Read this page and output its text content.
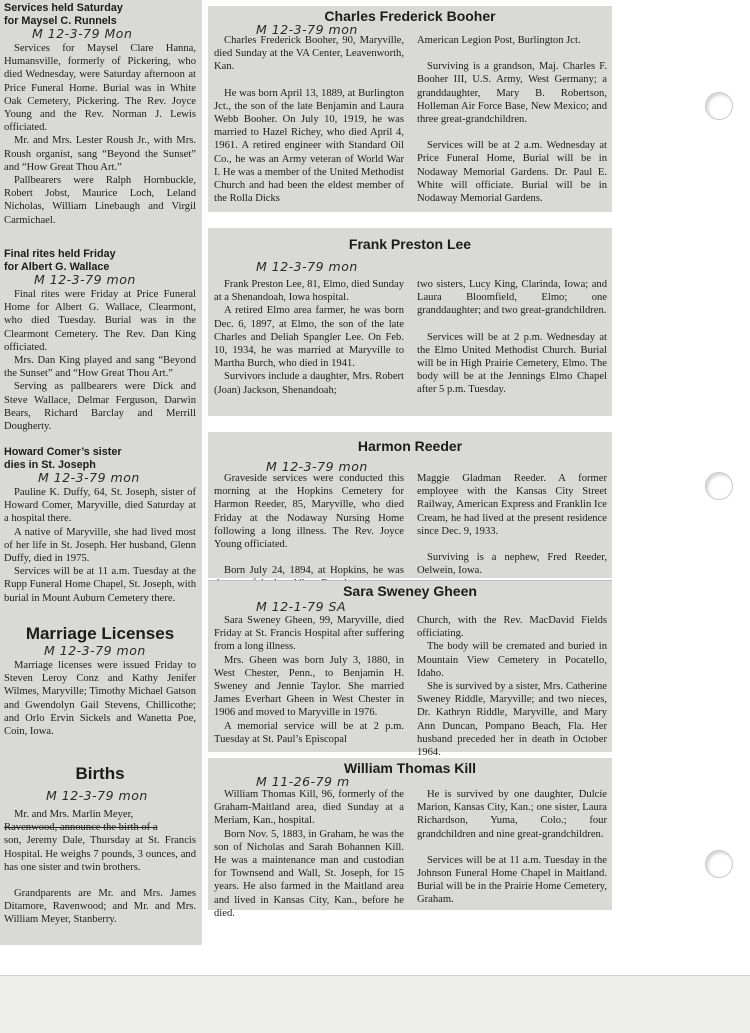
Services held Saturday

for Maysel C. Runnels

M 12-3-79 Mon

Services for Maysel Clare Hanna, Humansville, formerly of Pickering, who died Wednesday, were Saturday afternoon at Price Funeral Home. Burial was in White Oak Cemetery, Pickering. The Rev. Joyce Young and the Rev. Norman J. Lewis officiated.

Mr. and Mrs. Lester Roush Jr., with Mrs. Roush organist, sang “Beyond the Sunset” and “How Great Thou Art.”

Pallbearers were Ralph Hornbuckle, Robert Jobst, Maurice Loch, Leland Nicholas, William Linebaugh and Virgil Carmichael.

Final rites held Friday

for Albert G. Wallace

M 12-3-79 mon

Final rites were Friday at Price Funeral Home for Albert G. Wallace, Clearmont, who died Tuesday. Burial was in the Clearmont Cemetery. The Rev. Dan King officiated.

Mrs. Dan King played and sang “Beyond the Sunset” and “How Great Thou Art.”

Serving as pallbearers were Dick and Steve Wallace, Delmar Ferguson, Darwin Bears, Richard Barclay and Merrill Dougherty.

Howard Comer’s sister

dies in St. Joseph

M 12-3-79 mon

Pauline K. Duffy, 64, St. Joseph, sister of Howard Comer, Maryville, died Saturday at a hospital there.

A native of Maryville, she had lived most of her life in St. Joseph. Her husband, Glenn Duffy, died in 1975.

Services will be at 11 a.m. Tuesday at the Rupp Funeral Home Chapel, St. Joseph, with burial in Mount Auburn Cemetery there.

Marriage Licenses

M 12-3-79 mon

Marriage licenses were issued Friday to Steven Leroy Conz and Kathy Jenifer Wilmes, Maryville; Timothy Michael Gatson and Gwendolyn Gail Stevens, Chillicothe; and Orlo Ervin Sickels and Wanetta Poe, Coin, Iowa.

Births

M 12-3-79 mon

Mr. and Mrs. Marlin Meyer,

Ravenwood, announce the birth of a

son, Jeremy Dale, Thursday at St. Francis Hospital. He weighs 7 pounds, 3 ounces, and has one sister and twin brothers.

Grandparents are Mr. and Mrs. James Ditamore, Ravenwood; and Mr. and Mrs. William Meyer, Stanberry.

Charles Frederick Booher
M 12-3-79 mon

Charles Frederick Booher, 90, Maryville, died Sunday at the VA Center, Leavenworth, Kan.

He was born April 13, 1889, at Burlington Jct., the son of the late Benjamin and Laura Webb Booher. On July 10, 1919, he was married to Hazel Richey, who died April 4, 1961. A retired engineer with Standard Oil Co., he was an Army veteran of World War I. He was a member of the United Methodist Church and had been the eldest member of the Rolla Dicks

American Legion Post, Burlington Jct.

Surviving is a grandson, Maj. Charles F. Booher III, U.S. Army, West Germany; a granddaughter, Mary B. Robertson, Holleman Air Force Base, New Mexico; and three great-grandchildren.

Services will be at 2 a.m. Wednesday at Price Funeral Home, Burial will be in Nodaway Memorial Gardens. Dr. Paul E. White will officiate. Burial will be in Nodaway Memorial Gardens.

Frank Preston Lee
M 12-3-79 mon

Frank Preston Lee, 81, Elmo, died Sunday at a Shenandoah, Iowa hospital.

A retired Elmo area farmer, he was born Dec. 6, 1897, at Elmo, the son of the late Charles and Deliah Spangler Lee. On Feb. 10, 1934, he was married at Maryville to Martha Burch, who died in 1941.

Survivors include a daughter, Mrs. Robert (Joan) Jackson, Shenandoah;

two sisters, Lucy King, Clarinda, Iowa; and Laura Bloomfield, Elmo; one granddaughter; and two great-grandchildren.

Services will be at 2 p.m. Wednesday at the Elmo United Methodist Church. Burial will be in High Prairie Cemetery, Elmo. The body will be at the Jennings Elmo Chapel after 5 p.m. Tuesday.

Harmon Reeder
M 12-3-79 mon

Graveside services were conducted this morning at the Hopkins Cemetery for Harmon Reeder, 85, Maryville, who died Friday at the Nodaway Nursing Home following a long illness. The Rev. Joyce Young officiated.

Born July 24, 1894, at Hopkins, he was

Maggie Gladman Reeder. A former employee with the Kansas City Street Railway, American Express and Franklin Ice Cream, he had lived at the present residence since Dec. 9, 1933.

Surviving is a nephew, Fred Reeder, Oelwein, Iowa.

Sara Sweney Gheen
M 12-1-79 SA

Sara Sweney Gheen, 99, Maryville, died Friday at St. Francis Hospital after suffering from a long illness.

Mrs. Gheen was born July 3, 1880, in West Chester, Penn., to Benjamin H. Sweney and Jennie Taylor. She married James Everhart Gheen in West Chester in 1906 and moved to Maryville in 1976.

A memorial service will be at 2 p.m. Tuesday at St. Paul’s Episcopal

Church, with the Rev. MacDavid Fields officiating.

The body will be cremated and buried in Mountain View Cemetery in Pocatello, Idaho.

She is survived by a sister, Mrs. Catherine Sweney Riddle, Maryville; and two nieces, Dr. Kathryn Riddle, Maryville, and Mary Ann Duncan, Pompano Beach, Fla. Her husband preceded her in death in October 1964.

William Thomas Kill
M 11-26-79 m

William Thomas Kill, 96, formerly of the Graham-Maitland area, died Sunday at a Meriam, Kan., hospital.

Born Nov. 5, 1883, in Graham, he was the son of Nicholas and Sarah Bohannen Kill. He was a maintenance man and custodian for Townsend and Wall, St. Joseph, for 15 years. He also farmed in the Maitland area and lived in Kansas City, Kan., before he died.

He is survived by one daughter, Dulcie Marion, Kansas City, Kan.; one sister, Laura Richardson, Yuma, Colo.; four grandchildren and nine great-grandchildren.

Services will be at 11 a.m. Tuesday in the Johnson Funeral Home Chapel in Maitland. Burial will be in the Prairie Home Cemetery, Graham.
